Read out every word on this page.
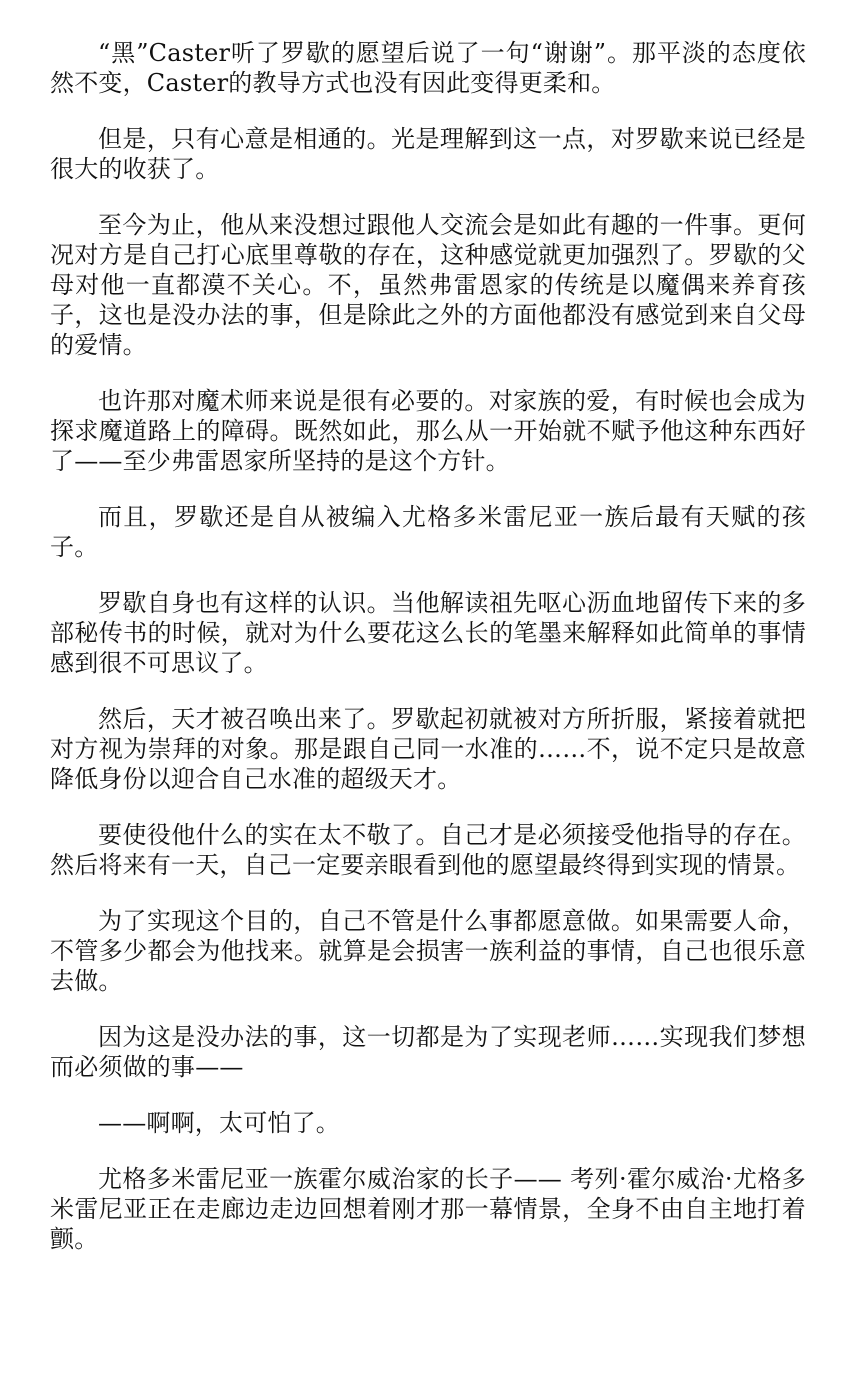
“黑”Caster听了罗歇的愿望后说了一句“谢谢”。那平淡的态度依然不变，Caster的教导方式也没有因此变得更柔和。

但是，只有心意是相通的。光是理解到这一点，对罗歇来说已经是很大的收获了。

至今为止，他从来没想过跟他人交流会是如此有趣的一件事。更何况对方是自己打心底里尊敬的存在，这种感觉就更加强烈了。罗歇的父母对他一直都漠不关心。不，虽然弗雷恩家的传统是以魔偶来养育孩子，这也是没办法的事，但是除此之外的方面他都没有感觉到来自父母的爱情。

也许那对魔术师来说是很有必要的。对家族的爱，有时候也会成为探求魔道路上的障碍。既然如此，那么从一开始就不赋予他这种东西好了——至少弗雷恩家所坚持的是这个方针。

而且，罗歇还是自从被编入尤格多米雷尼亚一族后最有天赋的孩子。

罗歇自身也有这样的认识。当他解读祖先呕心沥血地留传下来的多部秘传书的时候，就对为什么要花这么长的笔墨来解释如此简单的事情感到很不可思议了。

然后，天才被召唤出来了。罗歇起初就被对方所折服，紧接着就把对方视为崇拜的对象。那是跟自己同一水准的……不，说不定只是故意降低身份以迎合自己水准的超级天才。

要使役他什么的实在太不敬了。自己才是必须接受他指导的存在。然后将来有一天，自己一定要亲眼看到他的愿望最终得到实现的情景。

为了实现这个目的，自己不管是什么事都愿意做。如果需要人命，不管多少都会为他找来。就算是会损害一族利益的事情，自己也很乐意去做。

因为这是没办法的事，这一切都是为了实现老师……实现我们梦想而必须做的事——

——啊啊，太可怕了。

尤格多米雷尼亚一族霍尔威治家的长子—— 考列·霍尔威治·尤格多米雷尼亚正在走廊边走边回想着刚才那一幕情景，全身不由自主地打着颤。
